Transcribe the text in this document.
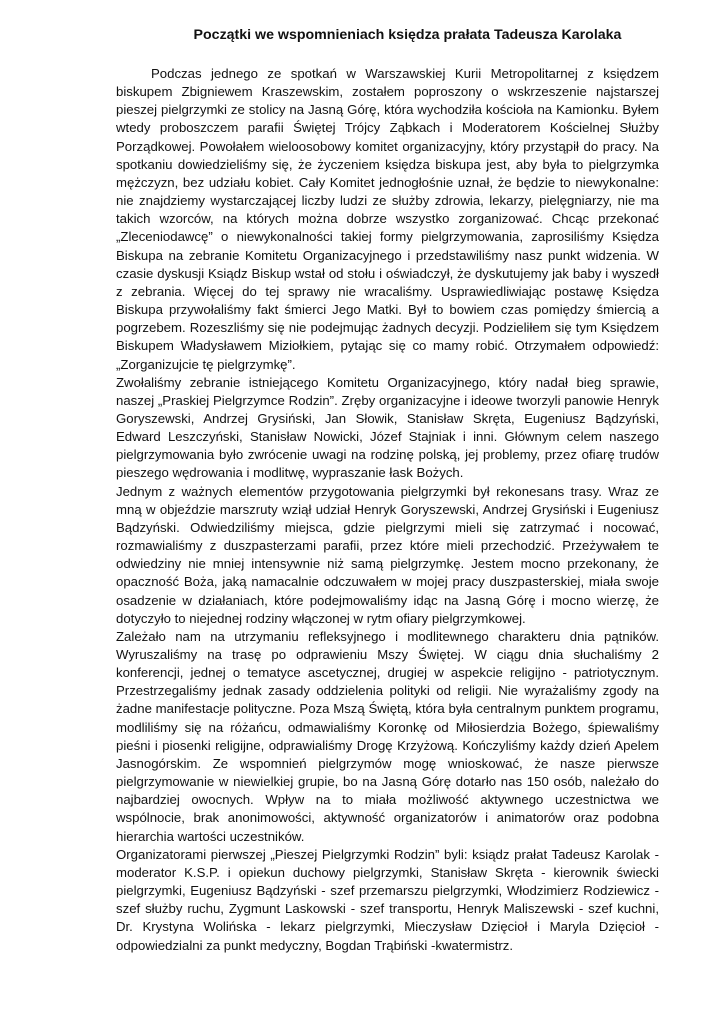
Początki we wspomnieniach księdza prałata Tadeusza Karolaka

Podczas jednego ze spotkań w Warszawskiej Kurii Metropolitarnej z księdzem biskupem Zbigniewem Kraszewskim, zostałem poproszony o wskrzeszenie najstarszej pieszej pielgrzymki ze stolicy na Jasną Górę, która wychodziła kościoła na Kamionku. Byłem wtedy proboszczem parafii Świętej Trójcy Ząbkach i Moderatorem Kościelnej Służby Porządkowej. Powołałem wieloosobowy komitet organizacyjny, który przystąpił do pracy. Na spotkaniu dowiedzieliśmy się, że życzeniem księdza biskupa jest, aby była to pielgrzymka mężczyzn, bez udziału kobiet. Cały Komitet jednogłośnie uznał, że będzie to niewykonalne: nie znajdziemy wystarczającej liczby ludzi ze służby zdrowia, lekarzy, pielęgniarzy, nie ma takich wzorców, na których można dobrze wszystko zorganizować. Chcąc przekonać „Zleceniodawcę” o niewykonalności takiej formy pielgrzymowania, zaprosiliśmy Księdza Biskupa na zebranie Komitetu Organizacyjnego i przedstawiliśmy nasz punkt widzenia. W czasie dyskusji Ksiądz Biskup wstał od stołu i oświadczył, że dyskutujemy jak baby i wyszedł z zebrania. Więcej do tej sprawy nie wracaliśmy. Usprawiedliwiając postawę Księdza Biskupa przywołaliśmy fakt śmierci Jego Matki. Był to bowiem czas pomiędzy śmiercią a pogrzebem. Rozeszliśmy się nie podejmując żadnych decyzji. Podzieliłem się tym Księdzem Biskupem Władysławem Miziołkiem, pytając się co mamy robić. Otrzymałem odpowiedź: „Zorganizujcie tę pielgrzymkę”.

Zwołaliśmy zebranie istniejącego Komitetu Organizacyjnego, który nadał bieg sprawie, naszej „Praskiej Pielgrzymce Rodzin”. Zręby organizacyjne i ideowe tworzyli panowie Henryk Goryszewski, Andrzej Grysiński, Jan Słowik, Stanisław Skręta, Eugeniusz Bądzyński, Edward Leszczyński, Stanisław Nowicki, Józef Stajniak i inni. Głównym celem naszego pielgrzymowania było zwrócenie uwagi na rodzinę polską, jej problemy, przez ofiarę trudów pieszego wędrowania i modlitwę, wypraszanie łask Bożych.

Jednym z ważnych elementów przygotowania pielgrzymki był rekonesans trasy. Wraz ze mną w objeździe marszruty wziął udział Henryk Goryszewski, Andrzej Grysiński i Eugeniusz Bądzyński. Odwiedziliśmy miejsca, gdzie pielgrzymi mieli się zatrzymać i nocować, rozmawialiśmy z duszpasterzami parafii, przez które mieli przechodzić. Przeżywałem te odwiedziny nie mniej intensywnie niż samą pielgrzymkę. Jestem mocno przekonany, że opaczność Boża, jaką namacalnie odczuwałem w mojej pracy duszpasterskiej, miała swoje osadzenie w działaniach, które podejmowaliśmy idąc na Jasną Górę i mocno wierzę, że dotyczyło to niejednej rodziny włączonej w rytm ofiary pielgrzymkowej.

Zależało nam na utrzymaniu refleksyjnego i modlitewnego charakteru dnia pątników. Wyruszaliśmy na trasę po odprawieniu Mszy Świętej. W ciągu dnia słuchaliśmy 2 konferencji, jednej o tematyce ascetycznej, drugiej w aspekcie religijno - patriotycznym. Przestrzegaliśmy jednak zasady oddzielenia polityki od religii. Nie wyrażaliśmy zgody na żadne manifestacje polityczne. Poza Mszą Świętą, która była centralnym punktem programu, modliliśmy się na różańcu, odmawialiśmy Koronkę od Miłosierdzia Bożego, śpiewaliśmy pieśni i piosenki religijne, odprawialiśmy Drogę Krzyżową. Kończyliśmy każdy dzień Apelem Jasnogórskim. Ze wspomnień pielgrzymów mogę wnioskować, że nasze pierwsze pielgrzymowanie w niewielkiej grupie, bo na Jasną Górę dotarło nas 150 osób, należało do najbardziej owocnych. Wpływ na to miała możliwość aktywnego uczestnictwa we wspólnocie, brak anonimowości, aktywność organizatorów i animatorów oraz podobna hierarchia wartości uczestników.

Organizatorami pierwszej „Pieszej Pielgrzymki Rodzin” byli: ksiądz prałat Tadeusz Karolak - moderator K.S.P. i opiekun duchowy pielgrzymki, Stanisław Skręta - kierownik świecki pielgrzymki, Eugeniusz Bądzyński - szef przemarszu pielgrzymki, Włodzimierz Rodziewicz - szef służby ruchu, Zygmunt Laskowski - szef transportu, Henryk Maliszewski - szef kuchni, Dr. Krystyna Wolińska - lekarz pielgrzymki, Mieczysław Dzięcioł i Maryla Dzięcioł - odpowiedzialni za punkt medyczny, Bogdan Trąbiński -kwatermistrz.
